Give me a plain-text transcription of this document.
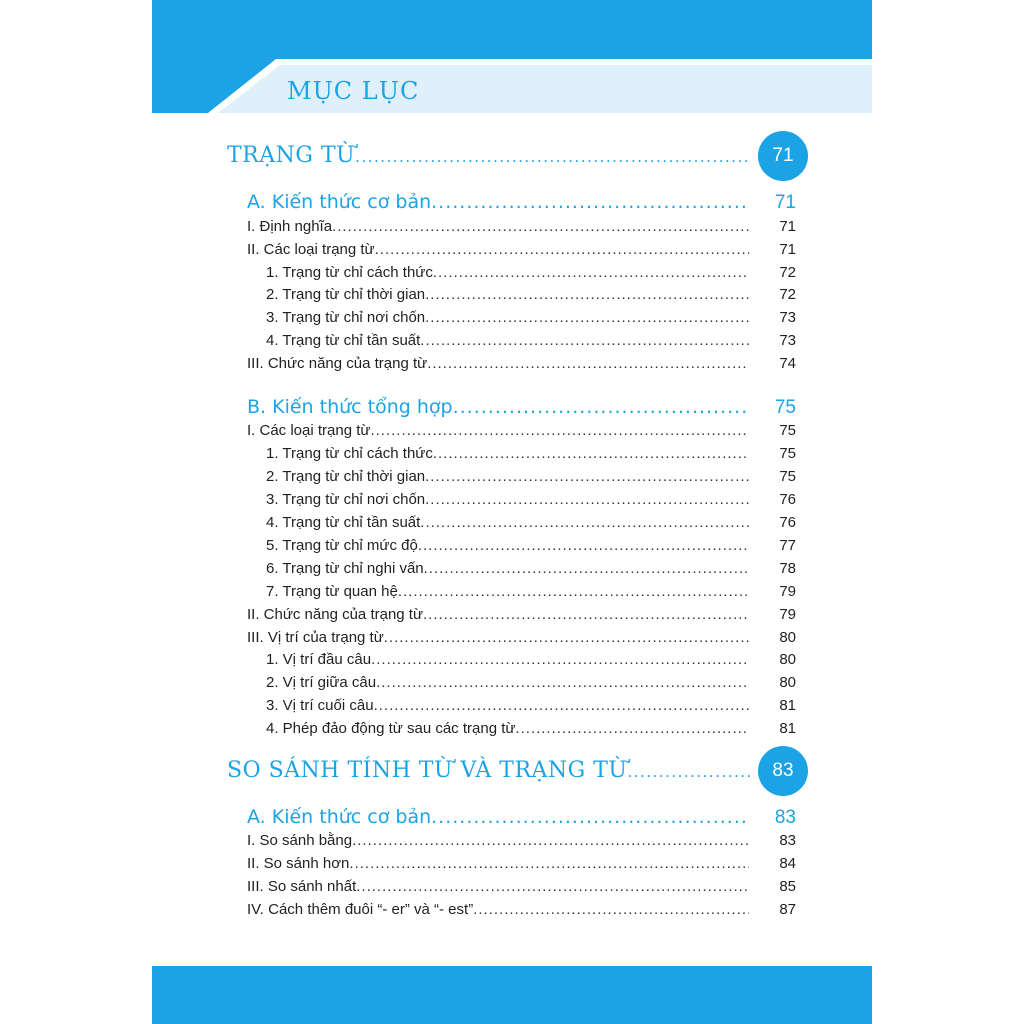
MỤC LỤC
TRẠNG TỪ .....	71
A. Kiến thức cơ bản .....	71
I. Định nghĩa .....	71
II. Các loại trạng từ .....	71
1. Trạng từ chỉ cách thức .....	72
2. Trạng từ chỉ thời gian .....	72
3. Trạng từ chỉ nơi chốn .....	73
4. Trạng từ chỉ tần suất .....	73
III. Chức năng của trạng từ .....	74
B. Kiến thức tổng hợp .....	75
I. Các loại trạng từ .....	75
1. Trạng từ chỉ cách thức .....	75
2. Trạng từ chỉ thời gian .....	75
3. Trạng từ chỉ nơi chốn .....	76
4. Trạng từ chỉ tần suất .....	76
5. Trạng từ chỉ mức độ .....	77
6. Trạng từ chỉ nghi vấn .....	78
7. Trạng từ quan hệ .....	79
II. Chức năng của trạng từ .....	79
III. Vị trí của trạng từ .....	80
1. Vị trí đầu câu .....	80
2. Vị trí giữa câu .....	80
3. Vị trí cuối câu .....	81
4. Phép đảo động từ sau các trạng từ .....	81
SO SÁNH TÍNH TỪ VÀ TRẠNG TỪ .....	83
A. Kiến thức cơ bản .....	83
I. So sánh bằng .....	83
II. So sánh hơn .....	84
III. So sánh nhất .....	85
IV. Cách thêm đuôi “- er” và “- est” .....	87
